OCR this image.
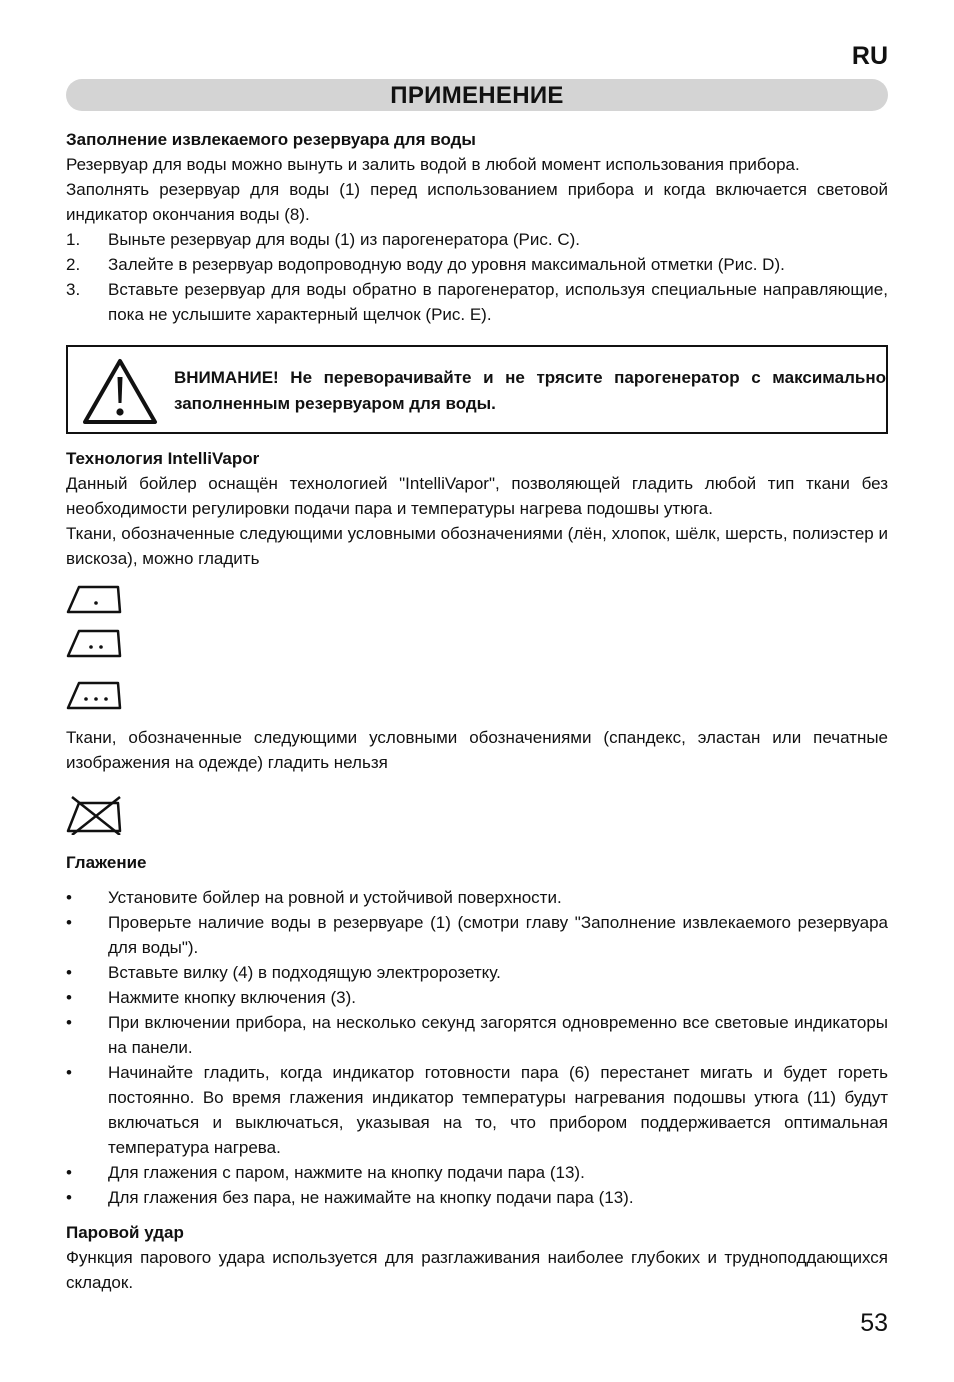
RU
ПРИМЕНЕНИЕ
Заполнение извлекаемого резервуара для воды

Резервуар для воды можно вынуть и залить водой в любой момент использования прибора.

Заполнять резервуар для воды (1) перед использованием прибора и когда включается световой индикатор окончания воды (8).

1. Выньте резервуар для воды (1) из парогенератора (Рис. C).
2. Залейте в резервуар водопроводную воду до уровня максимальной отметки (Рис. D).
3. Вставьте резервуар для воды обратно в парогенератор, используя специальные направляющие, пока не услышите характерный щелчок (Рис. E).
ВНИМАНИЕ! Не переворачивайте и не трясите парогенератор с максимально заполненным резервуаром для воды.
Технология IntelliVapor

Данный бойлер оснащён технологией "IntelliVapor", позволяющей гладить любой тип ткани без необходимости регулировки подачи пара и температуры нагрева подошвы утюга.

Ткани, обозначенные следующими условными обозначениями (лён, хлопок, шёлк, шерсть, полиэстер и вискоза), можно гладить

Ткани, обозначенные следующими условными обозначениями (спандекс, эластан или печатные изображения на одежде) гладить нельзя

Глажение
• Установите бойлер на ровной и устойчивой поверхности.
• Проверьте наличие воды в резервуаре (1) (смотри главу "Заполнение извлекаемого резервуара для воды").
• Вставьте вилку (4) в подходящую электророзетку.
• Нажмите кнопку включения (3).
• При включении прибора, на несколько секунд загорятся одновременно все световые индикаторы на панели.
• Начинайте гладить, когда индикатор готовности пара (6) перестанет мигать и будет гореть постоянно. Во время глажения индикатор температуры нагревания подошвы утюга (11) будут включаться и выключаться, указывая на то, что прибором поддерживается оптимальная температура нагрева.
• Для глажения с паром, нажмите на кнопку подачи пара (13).
• Для глажения без пара, не нажимайте на кнопку подачи пара (13).
Паровой удар

Функция парового удара используется для разглаживания наиболее глубоких и трудноподдающихся складок.

53
